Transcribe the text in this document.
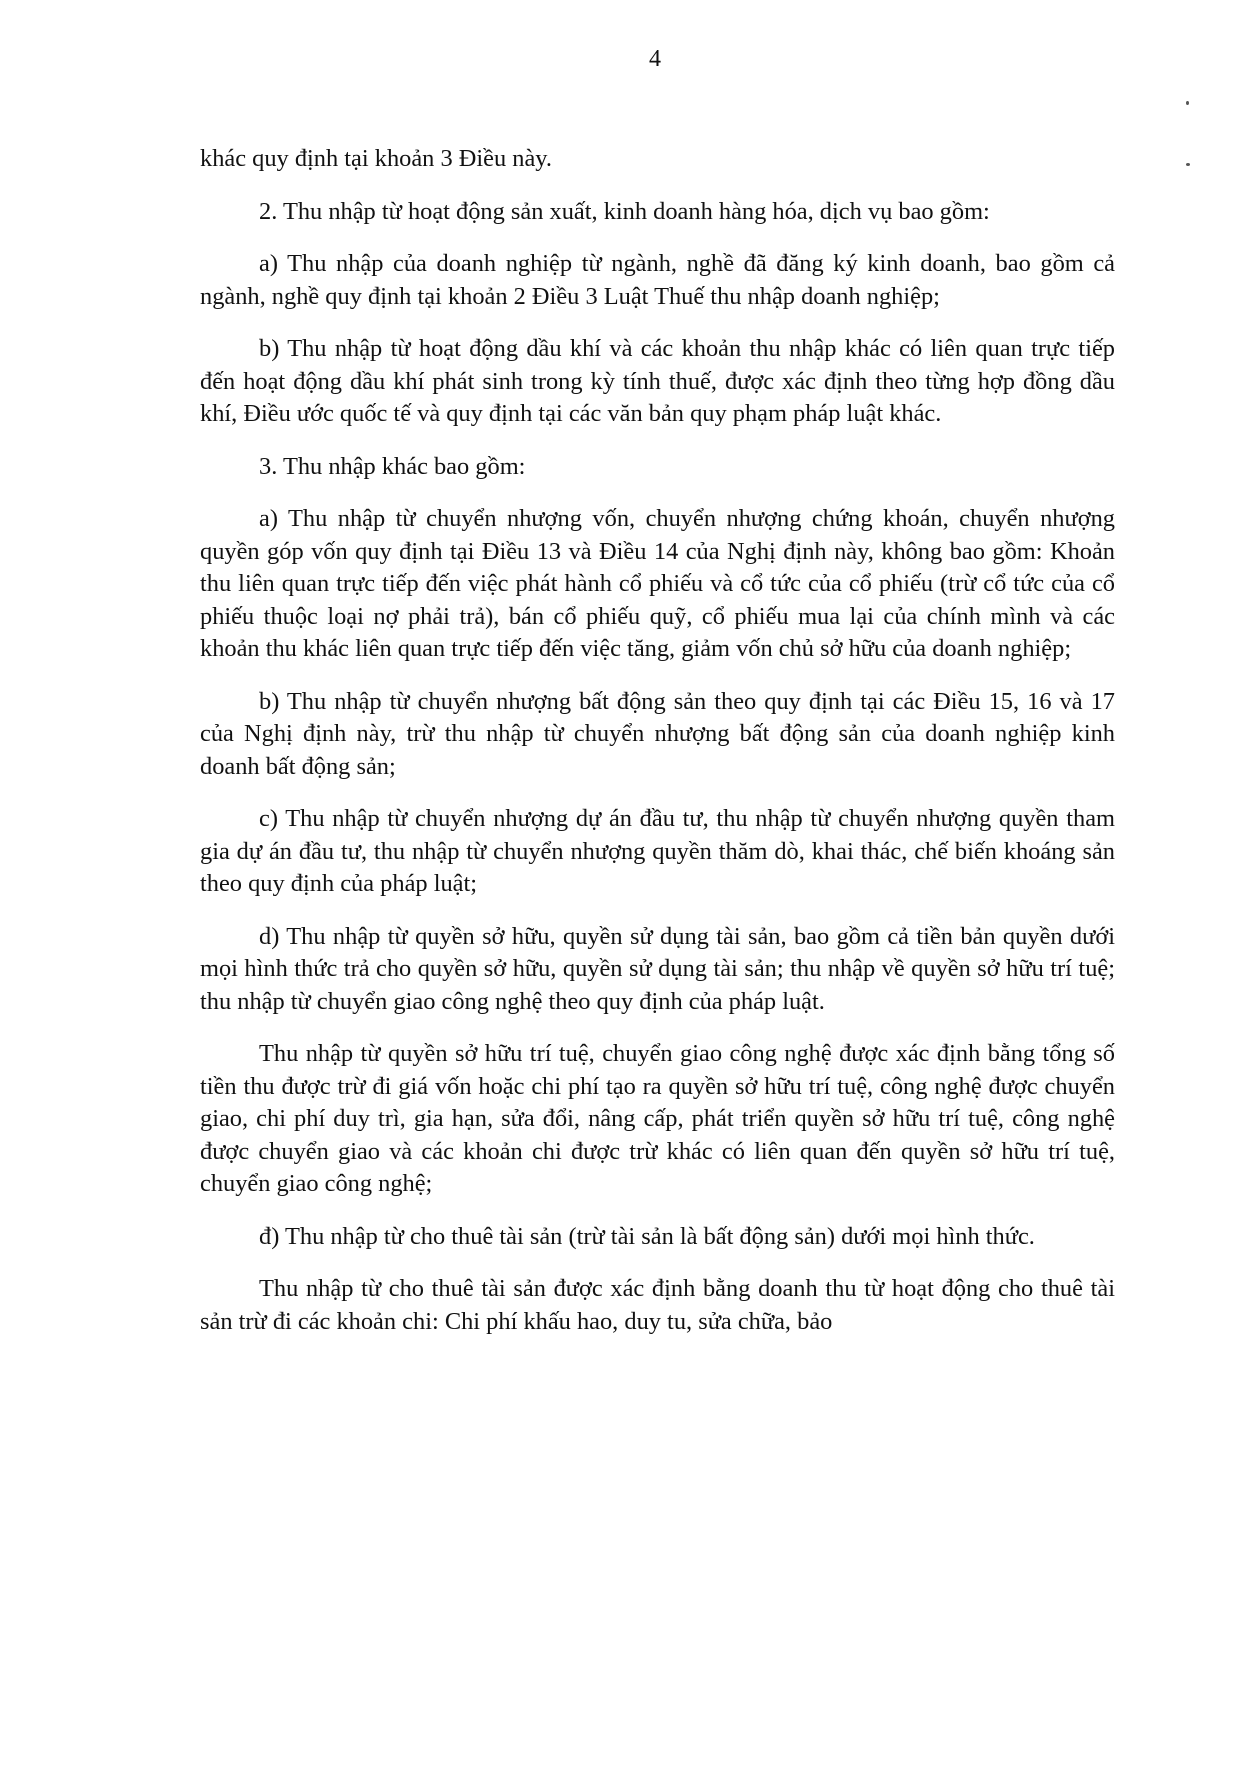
4

khác quy định tại khoản 3 Điều này.

2. Thu nhập từ hoạt động sản xuất, kinh doanh hàng hóa, dịch vụ bao gồm:

a) Thu nhập của doanh nghiệp từ ngành, nghề đã đăng ký kinh doanh, bao gồm cả ngành, nghề quy định tại khoản 2 Điều 3 Luật Thuế thu nhập doanh nghiệp;

b) Thu nhập từ hoạt động dầu khí và các khoản thu nhập khác có liên quan trực tiếp đến hoạt động dầu khí phát sinh trong kỳ tính thuế, được xác định theo từng hợp đồng dầu khí, Điều ước quốc tế và quy định tại các văn bản quy phạm pháp luật khác.

3. Thu nhập khác bao gồm:

a) Thu nhập từ chuyển nhượng vốn, chuyển nhượng chứng khoán, chuyển nhượng quyền góp vốn quy định tại Điều 13 và Điều 14 của Nghị định này, không bao gồm: Khoản thu liên quan trực tiếp đến việc phát hành cổ phiếu và cổ tức của cổ phiếu (trừ cổ tức của cổ phiếu thuộc loại nợ phải trả), bán cổ phiếu quỹ, cổ phiếu mua lại của chính mình và các khoản thu khác liên quan trực tiếp đến việc tăng, giảm vốn chủ sở hữu của doanh nghiệp;

b) Thu nhập từ chuyển nhượng bất động sản theo quy định tại các Điều 15, 16 và 17 của Nghị định này, trừ thu nhập từ chuyển nhượng bất động sản của doanh nghiệp kinh doanh bất động sản;

c) Thu nhập từ chuyển nhượng dự án đầu tư, thu nhập từ chuyển nhượng quyền tham gia dự án đầu tư, thu nhập từ chuyển nhượng quyền thăm dò, khai thác, chế biến khoáng sản theo quy định của pháp luật;

d) Thu nhập từ quyền sở hữu, quyền sử dụng tài sản, bao gồm cả tiền bản quyền dưới mọi hình thức trả cho quyền sở hữu, quyền sử dụng tài sản; thu nhập về quyền sở hữu trí tuệ; thu nhập từ chuyển giao công nghệ theo quy định của pháp luật.

Thu nhập từ quyền sở hữu trí tuệ, chuyển giao công nghệ được xác định bằng tổng số tiền thu được trừ đi giá vốn hoặc chi phí tạo ra quyền sở hữu trí tuệ, công nghệ được chuyển giao, chi phí duy trì, gia hạn, sửa đổi, nâng cấp, phát triển quyền sở hữu trí tuệ, công nghệ được chuyển giao và các khoản chi được trừ khác có liên quan đến quyền sở hữu trí tuệ, chuyển giao công nghệ;

đ) Thu nhập từ cho thuê tài sản (trừ tài sản là bất động sản) dưới mọi hình thức.

Thu nhập từ cho thuê tài sản được xác định bằng doanh thu từ hoạt động cho thuê tài sản trừ đi các khoản chi: Chi phí khấu hao, duy tu, sửa chữa, bảo
